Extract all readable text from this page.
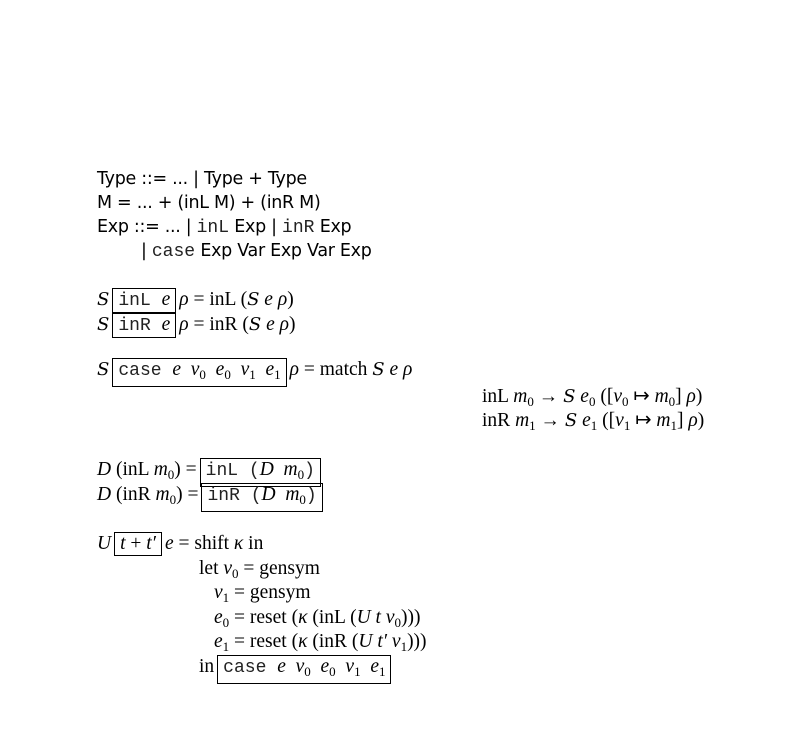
Type ::= ... | Type + Type
M = ... + (inL M) + (inR M)
Exp ::= ... | inL Exp | inR Exp
| case Exp Var Exp Var Exp
S inL e ρ = inL (S e ρ)
S inR e ρ = inR (S e ρ)
S case e  $v_0$  $e_0$  $v_1$  $e_1$ ρ = match S e ρ
inL $m_0 \to S$ $e_0$ ([$v_0$ ↦ $m_0$] ρ)
inR $m_1 \to S$ $e_1$ ([$v_1$ ↦ $m_1$] ρ)
D (inL $m_0$) = inL (D  $m_0$)
D (inR $m_0$) = inR (D  $m_0$)
U t + t′ e = shift κ in
let $v_0$ = gensym
$v_1$ = gensym
$e_0$ = reset (κ (inL (U t $v_0$)))
$e_1$ = reset (κ (inR (U t′ $v_1$)))
in case e  $v_0$  $e_0$  $v_1$  $e_1$
